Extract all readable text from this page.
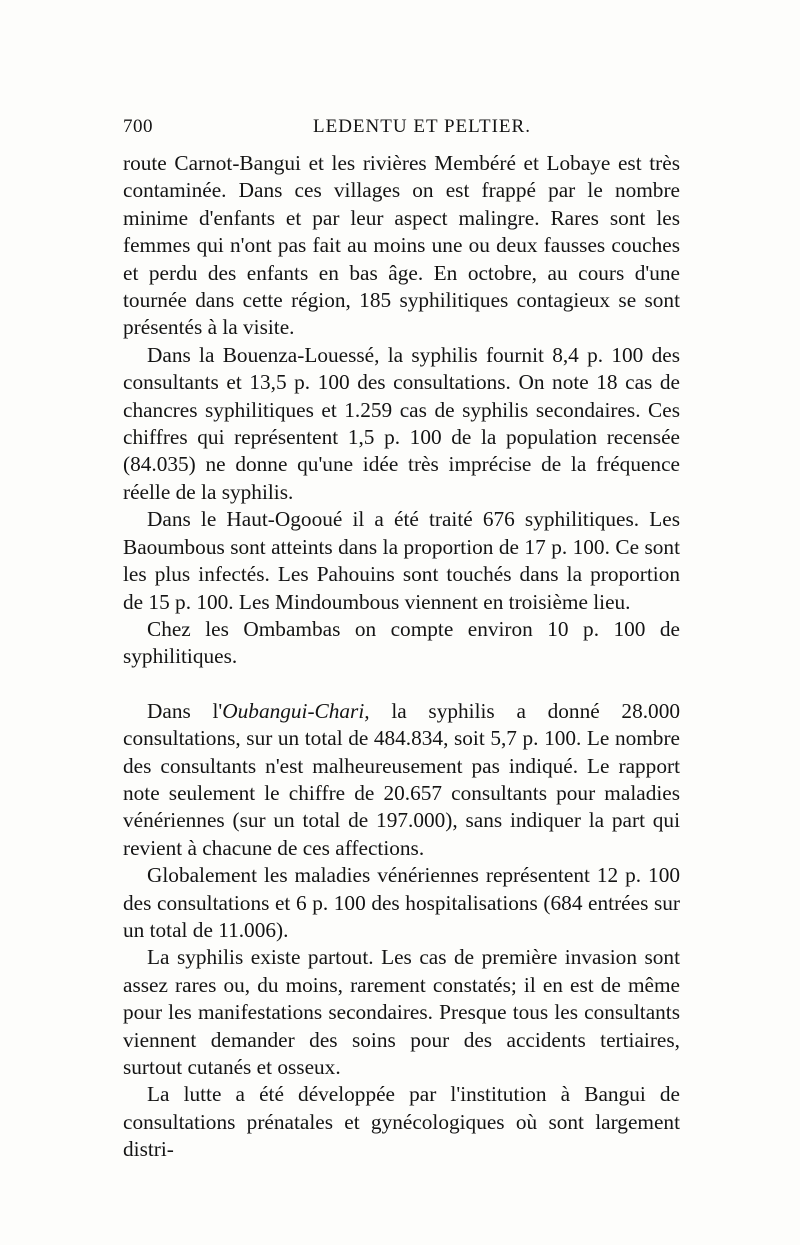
700	LEDENTU ET PELTIER.

route Carnot-Bangui et les rivières Membéré et Lobaye est très contaminée. Dans ces villages on est frappé par le nombre minime d'enfants et par leur aspect malingre. Rares sont les femmes qui n'ont pas fait au moins une ou deux fausses couches et perdu des enfants en bas âge. En octobre, au cours d'une tournée dans cette région, 185 syphilitiques contagieux se sont présentés à la visite.

Dans la Bouenza-Louessé, la syphilis fournit 8,4 p. 100 des consultants et 13,5 p. 100 des consultations. On note 18 cas de chancres syphilitiques et 1.259 cas de syphilis secondaires. Ces chiffres qui représentent 1,5 p. 100 de la population recensée (84.035) ne donne qu'une idée très imprécise de la fréquence réelle de la syphilis.

Dans le Haut-Ogooué il a été traité 676 syphilitiques. Les Baoumbous sont atteints dans la proportion de 17 p. 100. Ce sont les plus infectés. Les Pahouins sont touchés dans la proportion de 15 p. 100. Les Mindoumbous viennent en troisième lieu.

Chez les Ombambas on compte environ 10 p. 100 de syphilitiques.

Dans l'Oubangui-Chari, la syphilis a donné 28.000 consultations, sur un total de 484.834, soit 5,7 p. 100. Le nombre des consultants n'est malheureusement pas indiqué. Le rapport note seulement le chiffre de 20.657 consultants pour maladies vénériennes (sur un total de 197.000), sans indiquer la part qui revient à chacune de ces affections.

Globalement les maladies vénériennes représentent 12 p. 100 des consultations et 6 p. 100 des hospitalisations (684 entrées sur un total de 11.006).

La syphilis existe partout. Les cas de première invasion sont assez rares ou, du moins, rarement constatés; il en est de même pour les manifestations secondaires. Presque tous les consultants viennent demander des soins pour des accidents tertiaires, surtout cutanés et osseux.

La lutte a été développée par l'institution à Bangui de consultations prénatales et gynécologiques où sont largement distri-
